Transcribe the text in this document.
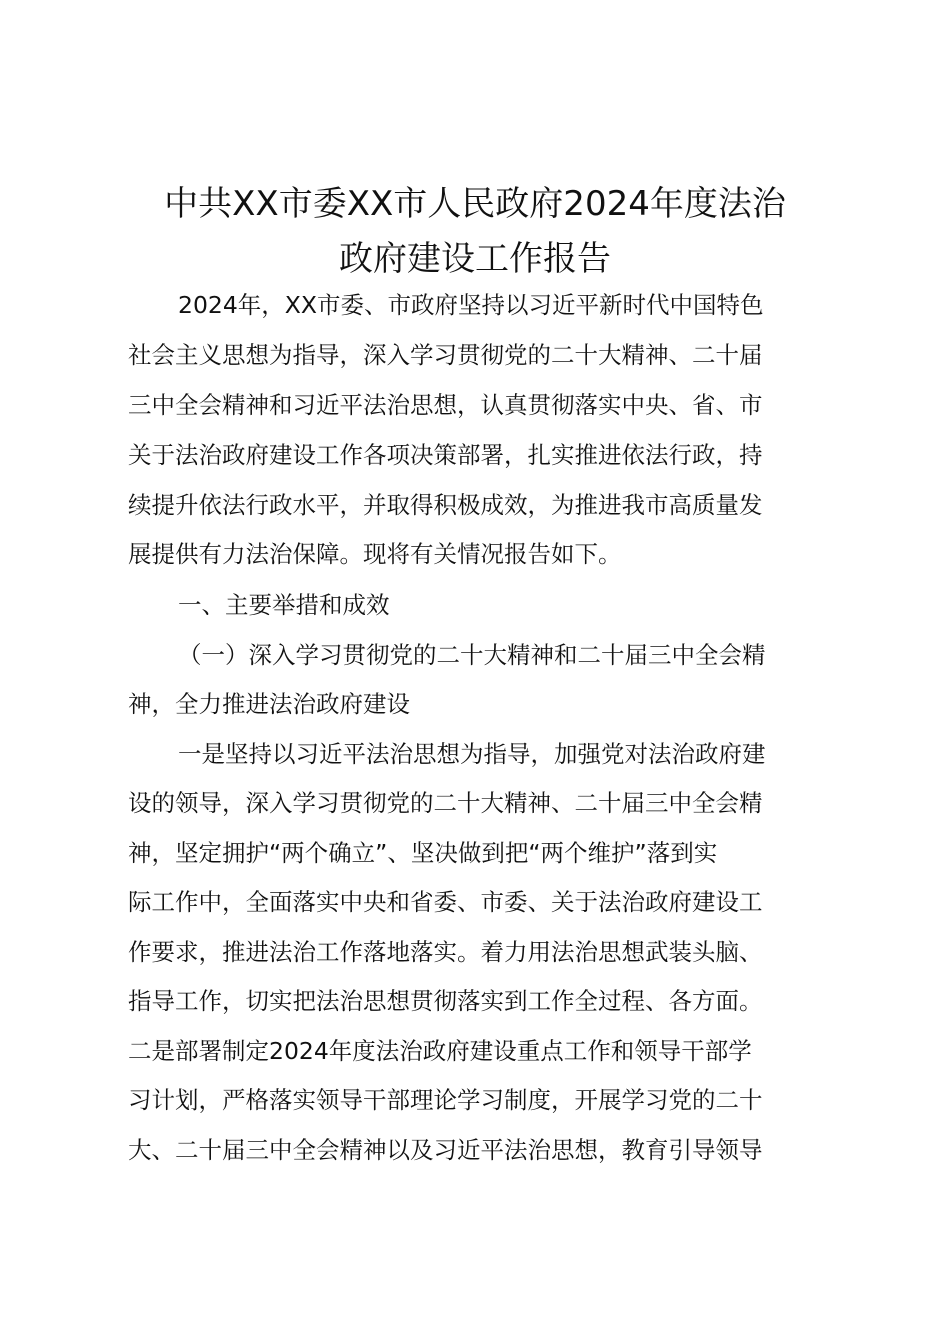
中共XX市委XX市人民政府2024年度法治
政府建设工作报告

2024年，XX市委、市政府坚持以习近平新时代中国特色

社会主义思想为指导，深入学习贯彻党的二十大精神、二十届

三中全会精神和习近平法治思想，认真贯彻落实中央、省、市

关于法治政府建设工作各项决策部署，扎实推进依法行政，持

续提升依法行政水平，并取得积极成效，为推进我市高质量发

展提供有力法治保障。现将有关情况报告如下。

一、主要举措和成效

（一）深入学习贯彻党的二十大精神和二十届三中全会精

神，全力推进法治政府建设

一是坚持以习近平法治思想为指导，加强党对法治政府建

设的领导，深入学习贯彻党的二十大精神、二十届三中全会精

神，坚定拥护“两个确立”、坚决做到把“两个维护”落到实

际工作中，全面落实中央和省委、市委、关于法治政府建设工

作要求，推进法治工作落地落实。着力用法治思想武装头脑、

指导工作，切实把法治思想贯彻落实到工作全过程、各方面。

二是部署制定2024年度法治政府建设重点工作和领导干部学

习计划，严格落实领导干部理论学习制度，开展学习党的二十

大、二十届三中全会精神以及习近平法治思想，教育引导领导
